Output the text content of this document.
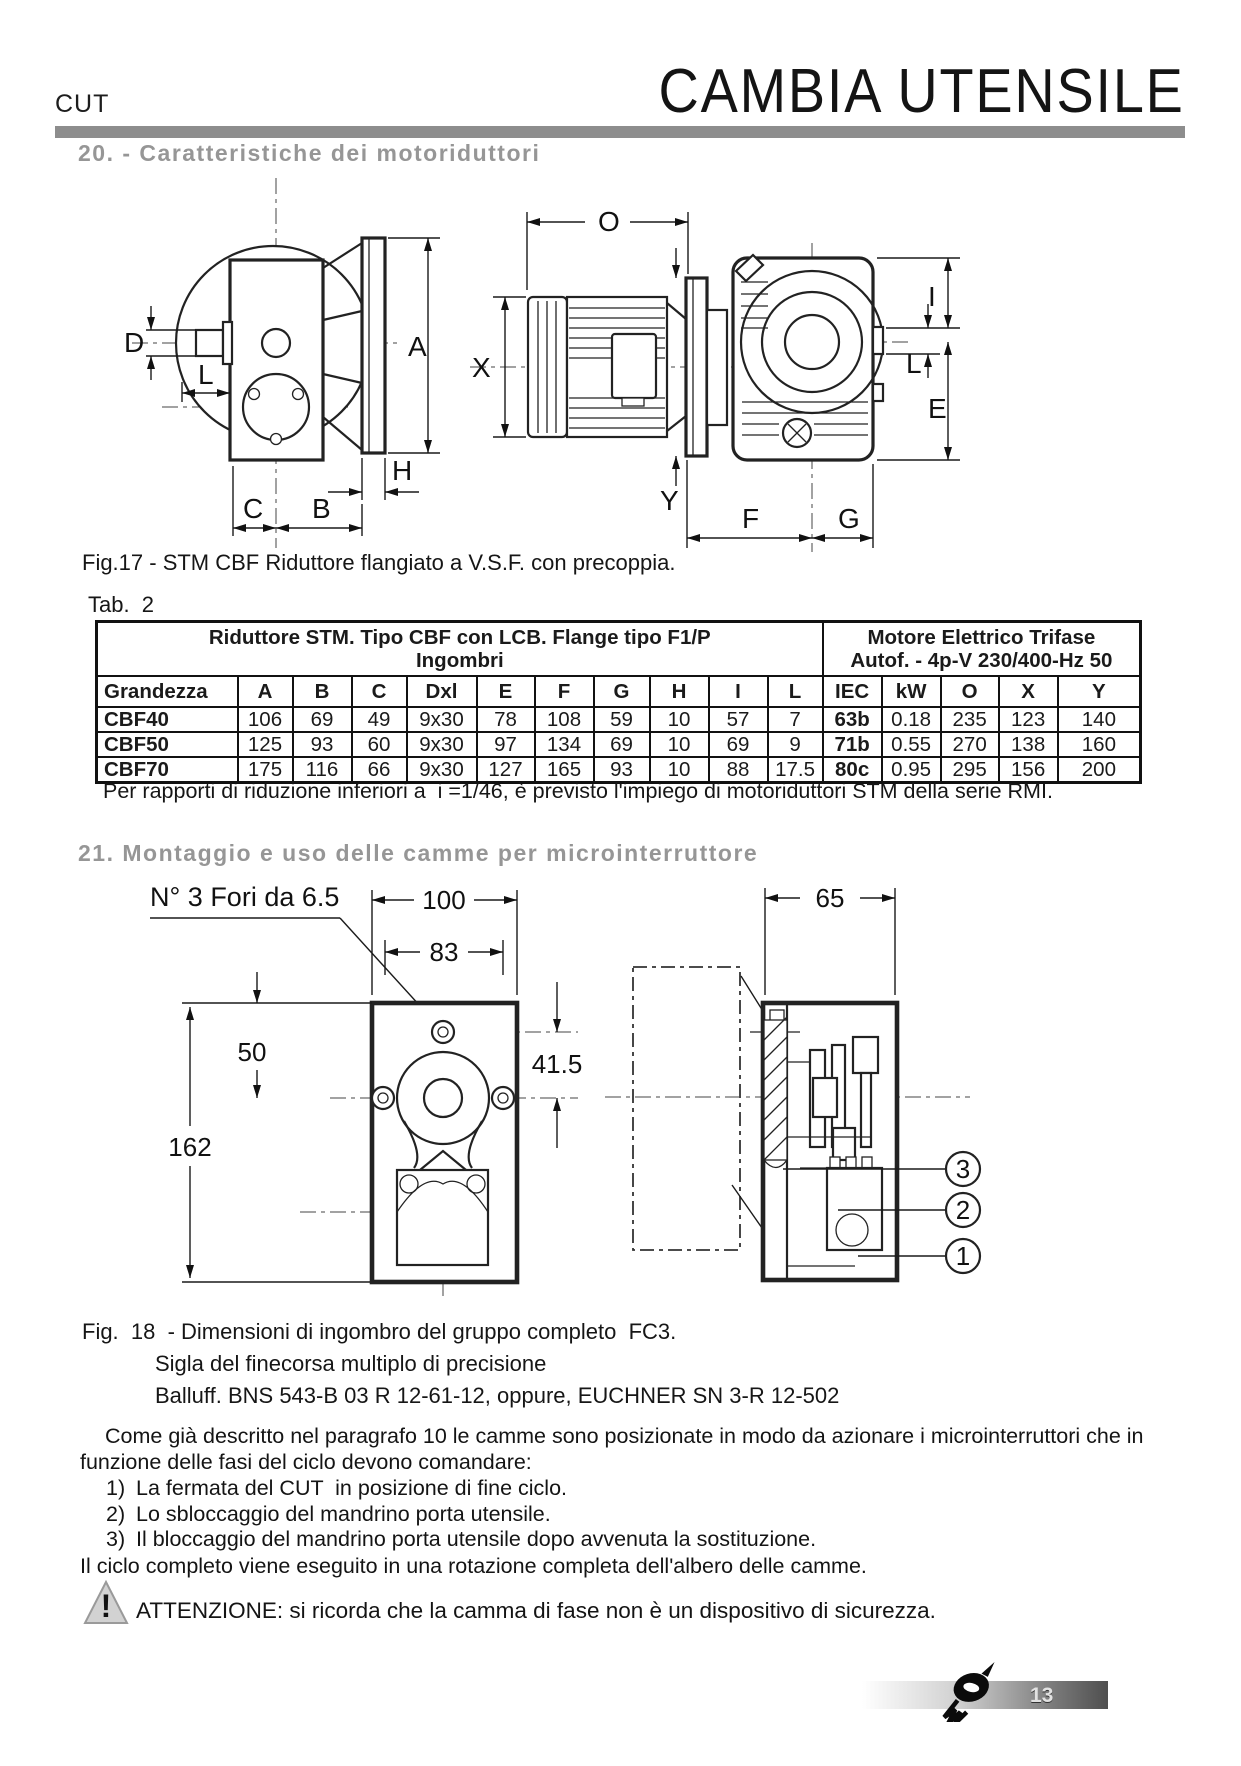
CUT	CAMBIA UTENSILE
20. - Caratteristiche dei motoriduttori
D
L
A
H
C B
O
I
L
E
Y
X
F	G
Fig.17 - STM CBF Riduttore flangiato a V.S.F. con precoppia.
Tab.  2
Riduttore STM. Tipo CBF con LCB. Flange tipo F1/P
Ingombri

Motore Elettrico Trifase
Autof. - 4p-V 230/400-Hz 50

Grandezza	A	B	C	Dxl	E	F	G	H	I	L	IEC	kW	O	X	Y
CBF40	106	69	49	9x30	78	108	59	10	57	7	63b	0.18	235	123	140
CBF50	125	93	60	9x30	97	134	69	10	69	9	71b	0.55	270	138	160
CBF70	175	116	66	9x30	127	165	93	10	88	17.5	80c	0.95	295	156	200
Per rapporti di riduzione inferiori a  i =1/46, è previsto l'impiego di motoriduttori STM della serie RMI.
21. Montaggio e uso delle camme per microinterruttore
N° 3 Fori da 6.5	100
83
50
162
41.5
65
3
2
1
Fig.  18  - Dimensioni di ingombro del gruppo completo  FC3.
Sigla del finecorsa multiplo di precisione
Balluff. BNS 543-B 03 R 12-61-12, oppure, EUCHNER SN 3-R 12-502

Come già descritto nel paragrafo 10 le camme sono posizionate in modo da azionare i microinterruttori che in funzione delle fasi del ciclo devono comandare:

1) La fermata del CUT  in posizione di fine ciclo.
2) Lo sbloccaggio del mandrino porta utensile.
3) Il bloccaggio del mandrino porta utensile dopo avvenuta la sostituzione.
Il ciclo completo viene eseguito in una rotazione completa dell'albero delle camme.
! ATTENZIONE: si ricorda che la camma di fase non è un dispositivo di sicurezza.
13
